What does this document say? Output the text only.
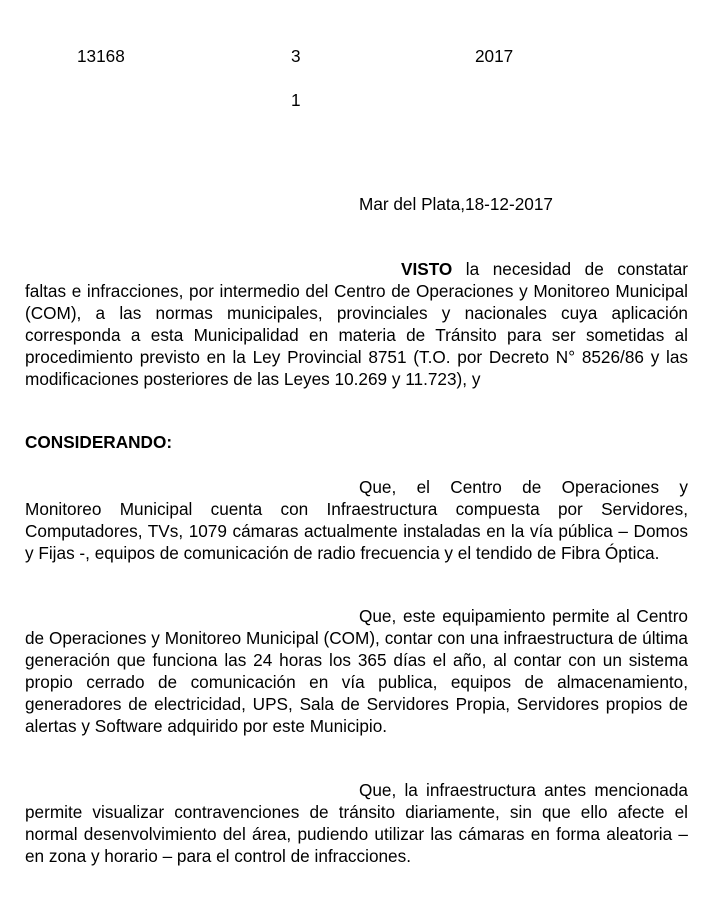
13168	3	2017
1
Mar del Plata,18-12-2017

VISTO la necesidad de constatar faltas e infracciones, por intermedio del Centro de Operaciones y Monitoreo Municipal (COM), a las normas municipales, provinciales y nacionales cuya aplicación corresponda a esta Municipalidad en materia de Tránsito para ser sometidas al procedimiento previsto en la Ley Provincial 8751 (T.O. por Decreto N° 8526/86 y las modificaciones posteriores de las Leyes 10.269 y 11.723), y

CONSIDERANDO:

Que, el Centro de Operaciones y Monitoreo Municipal cuenta con Infraestructura compuesta por Servidores, Computadores, TVs, 1079 cámaras actualmente instaladas en la vía pública – Domos y Fijas -, equipos de comunicación de radio frecuencia y el tendido de Fibra Óptica.

Que, este equipamiento permite al Centro de Operaciones y Monitoreo Municipal (COM), contar con una infraestructura de última generación que funciona las 24 horas los 365 días el año, al contar con un sistema propio cerrado de comunicación en vía publica, equipos de almacenamiento, generadores de electricidad, UPS, Sala de Servidores Propia, Servidores propios de alertas y Software adquirido por este Municipio.

Que, la infraestructura antes mencionada permite visualizar contravenciones de tránsito diariamente, sin que ello afecte el normal desenvolvimiento del área, pudiendo utilizar las cámaras en forma aleatoria – en zona y horario – para el control de infracciones.
